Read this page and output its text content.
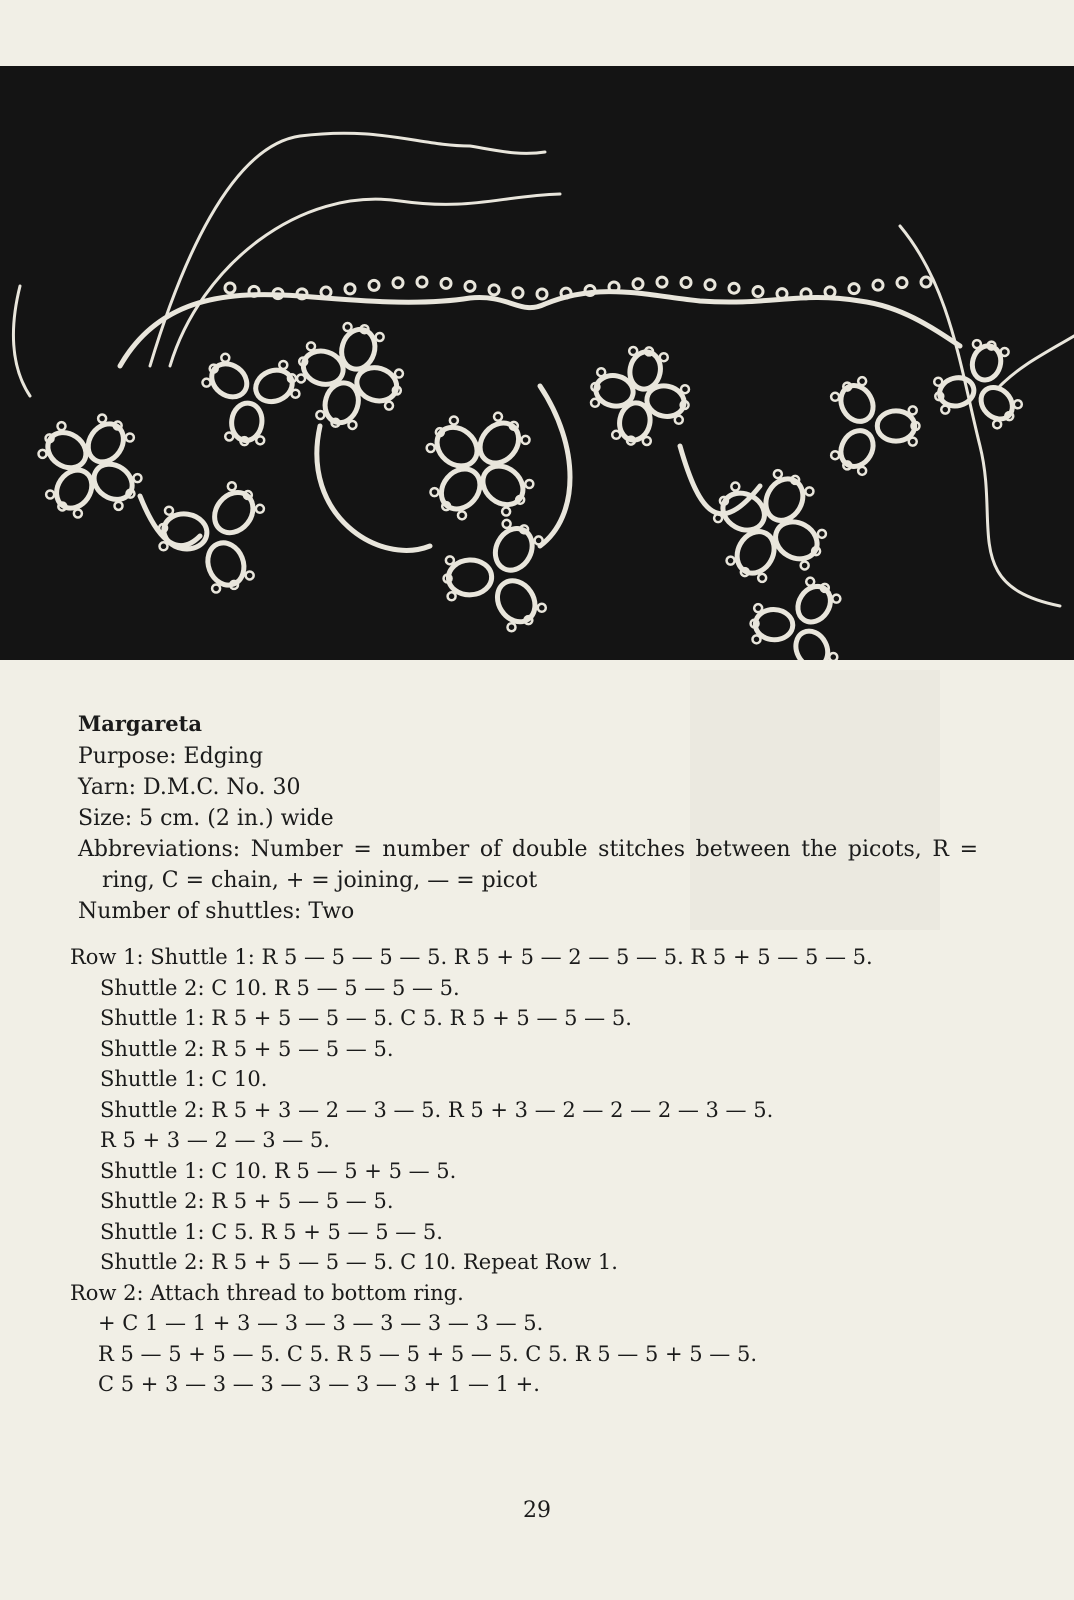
Margareta
Purpose: Edging
Yarn: D.M.C. No. 30
Size: 5 cm. (2 in.) wide
Abbreviations: Number = number of double stitches between the picots, R = ring, C = chain, + = joining, — = picot
Number of shuttles: Two
Row 1: Shuttle 1: R 5 — 5 — 5 — 5. R 5 + 5 — 2 — 5 — 5. R 5 + 5 — 5 — 5.
Shuttle 2: C 10. R 5 — 5 — 5 — 5.
Shuttle 1: R 5 + 5 — 5 — 5. C 5. R 5 + 5 — 5 — 5.
Shuttle 2: R 5 + 5 — 5 — 5.
Shuttle 1: C 10.
Shuttle 2: R 5 + 3 — 2 — 3 — 5. R 5 + 3 — 2 — 2 — 2 — 3 — 5.
R 5 + 3 — 2 — 3 — 5.
Shuttle 1: C 10. R 5 — 5 + 5 — 5.
Shuttle 2: R 5 + 5 — 5 — 5.
Shuttle 1: C 5. R 5 + 5 — 5 — 5.
Shuttle 2: R 5 + 5 — 5 — 5. C 10. Repeat Row 1.
Row 2: Attach thread to bottom ring.
+ C 1 — 1 + 3 — 3 — 3 — 3 — 3 — 3 — 5.
R 5 — 5 + 5 — 5. C 5. R 5 — 5 + 5 — 5. C 5. R 5 — 5 + 5 — 5.
C 5 + 3 — 3 — 3 — 3 — 3 — 3 + 1 — 1 +.
29
